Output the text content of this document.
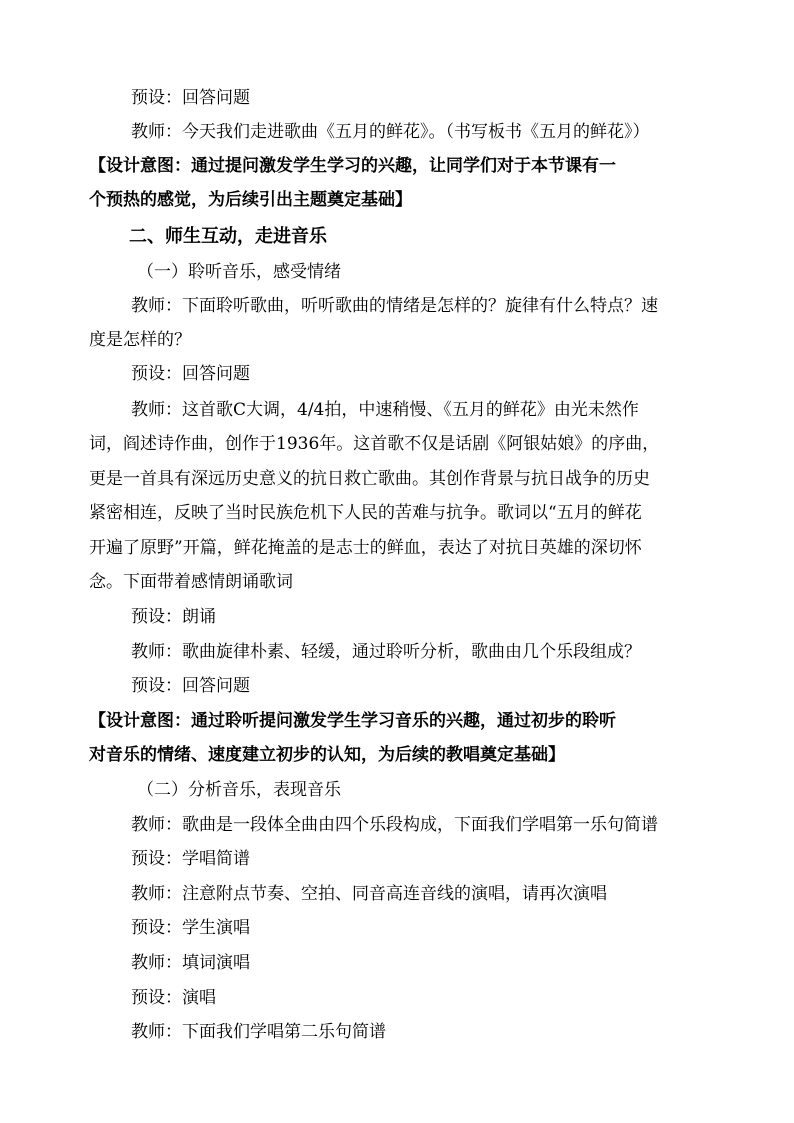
预设：回答问题
教师：今天我们走进歌曲《五月的鲜花》。（书写板书《五月的鲜花》）
【设计意图：通过提问激发学生学习的兴趣，让同学们对于本节课有一
个预热的感觉，为后续引出主题奠定基础】
二、师生互动，走进音乐
（一）聆听音乐，感受情绪
教师：下面聆听歌曲，听听歌曲的情绪是怎样的？旋律有什么特点？速
度是怎样的？
预设：回答问题
教师：这首歌C大调，4/4拍，中速稍慢、《五月的鲜花》由光未然作
词，阎述诗作曲，创作于1936年。这首歌不仅是话剧《阿银姑娘》的序曲，
更是一首具有深远历史意义的抗日救亡歌曲。其创作背景与抗日战争的历史
紧密相连，反映了当时民族危机下人民的苦难与抗争。歌词以“五月的鲜花
开遍了原野”开篇，鲜花掩盖的是志士的鲜血，表达了对抗日英雄的深切怀
念。下面带着感情朗诵歌词
预设：朗诵
教师：歌曲旋律朴素、轻缓，通过聆听分析，歌曲由几个乐段组成？
预设：回答问题
【设计意图：通过聆听提问激发学生学习音乐的兴趣，通过初步的聆听
对音乐的情绪、速度建立初步的认知，为后续的教唱奠定基础】
（二）分析音乐，表现音乐
教师：歌曲是一段体全曲由四个乐段构成，下面我们学唱第一乐句简谱
预设：学唱简谱
教师：注意附点节奏、空拍、同音高连音线的演唱，请再次演唱
预设：学生演唱
教师：填词演唱
预设：演唱
教师：下面我们学唱第二乐句简谱
